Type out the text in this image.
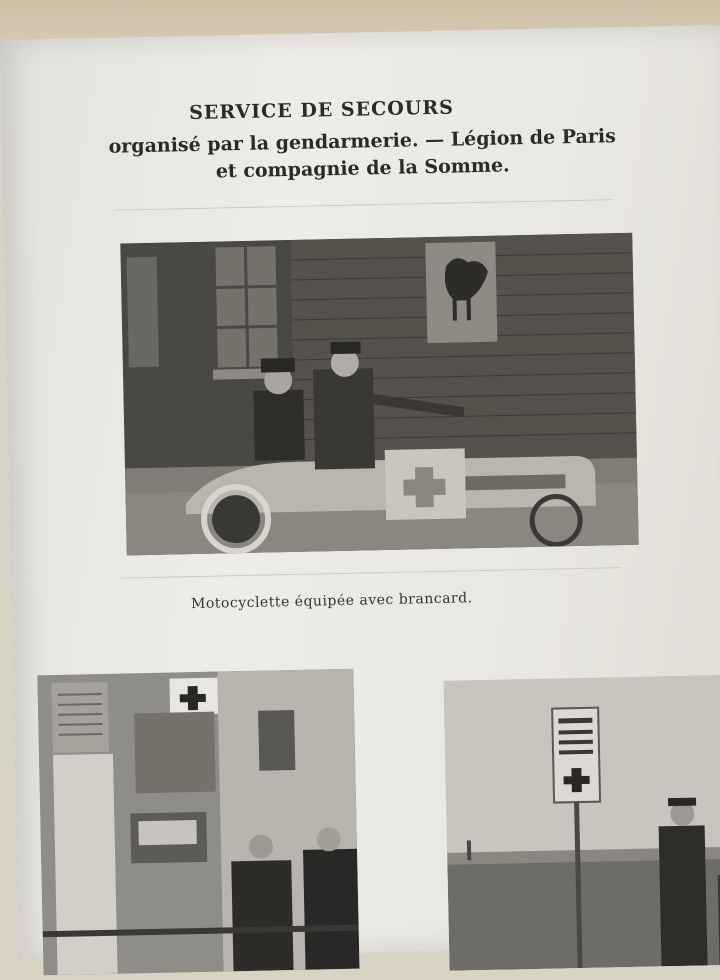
SERVICE DE SECOURS
organisé par la gendarmerie. — Légion de Paris
et compagnie de la Somme.
Motocyclette équipée avec brancard.
